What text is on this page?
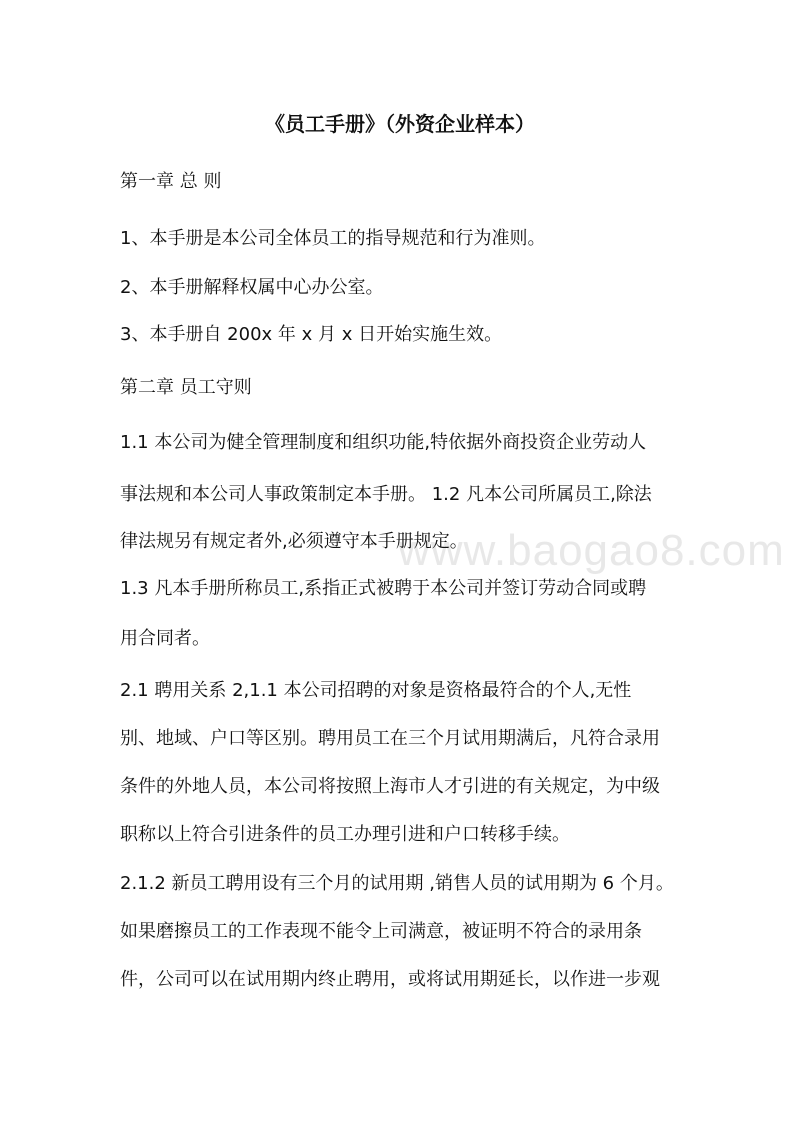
www.baogao8.com
《员工手册》（外资企业样本）
第一章 总 则
1、本手册是本公司全体员工的指导规范和行为准则。
2、本手册解释权属中心办公室。
3、本手册自 200x 年 x 月 x 日开始实施生效。
第二章 员工守则
1.1 本公司为健全管理制度和组织功能,特依据外商投资企业劳动人
事法规和本公司人事政策制定本手册。 1.2 凡本公司所属员工,除法
律法规另有规定者外,必须遵守本手册规定。
1.3 凡本手册所称员工,系指正式被聘于本公司并签订劳动合同或聘
用合同者。
2.1 聘用关系 2,1.1 本公司招聘的对象是资格最符合的个人,无性
别、地域、户口等区别。聘用员工在三个月试用期满后，凡符合录用
条件的外地人员，本公司将按照上海市人才引进的有关规定，为中级
职称以上符合引进条件的员工办理引进和户口转移手续。
2.1.2 新员工聘用设有三个月的试用期 ,销售人员的试用期为 6 个月。
如果磨擦员工的工作表现不能令上司满意，被证明不符合的录用条
件，公司可以在试用期内终止聘用，或将试用期延长，以作进一步观
